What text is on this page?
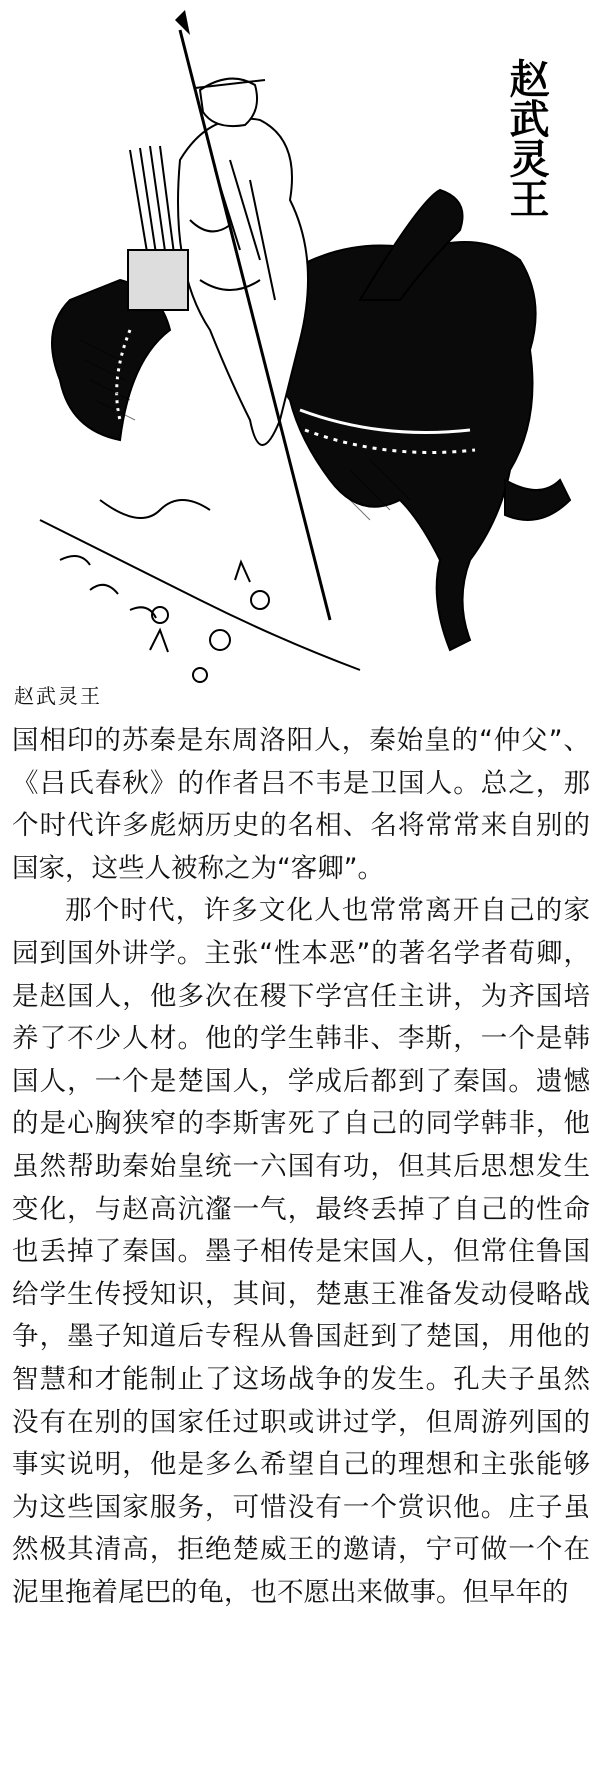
赵武灵王
赵武灵王

国相印的苏秦是东周洛阳人，秦始皇的“仲父”、《吕氏春秋》的作者吕不韦是卫国人。总之，那个时代许多彪炳历史的名相、名将常常来自别的国家，这些人被称之为“客卿”。

那个时代，许多文化人也常常离开自己的家园到国外讲学。主张“性本恶”的著名学者荀卿，是赵国人，他多次在稷下学宫任主讲，为齐国培养了不少人材。他的学生韩非、李斯，一个是韩国人，一个是楚国人，学成后都到了秦国。遗憾的是心胸狭窄的李斯害死了自己的同学韩非，他虽然帮助秦始皇统一六国有功，但其后思想发生变化，与赵高沆瀣一气，最终丢掉了自己的性命也丢掉了秦国。墨子相传是宋国人，但常住鲁国给学生传授知识，其间，楚惠王准备发动侵略战争，墨子知道后专程从鲁国赶到了楚国，用他的智慧和才能制止了这场战争的发生。孔夫子虽然没有在别的国家任过职或讲过学，但周游列国的事实说明，他是多么希望自己的理想和主张能够为这些国家服务，可惜没有一个赏识他。庄子虽然极其清高，拒绝楚威王的邀请，宁可做一个在泥里拖着尾巴的龟，也不愿出来做事。但早年的
